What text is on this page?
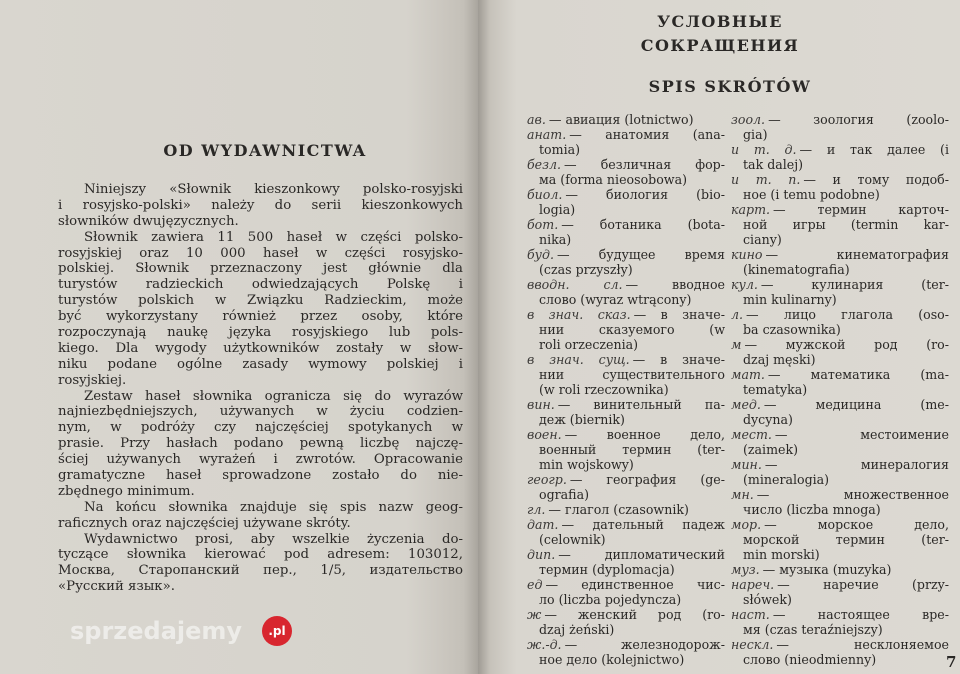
OD WYDAWNICTWA
Niniejszy «Słownik kieszonkowy polsko-rosyjski
i rosyjsko-polski» należy do serii kieszonkowych
słowników dwujęzycznych.
Słownik zawiera 11 500 haseł w części polsko-
rosyjskiej oraz 10 000 haseł w części rosyjsko-
polskiej. Słownik przeznaczony jest głównie dla
turystów radzieckich odwiedzających Polskę i
turystów polskich w Związku Radzieckim, może
być wykorzystany również przez osoby, które
rozpoczynają naukę języka rosyjskiego lub pols-
kiego. Dla wygody użytkowników zostały w słow-
niku podane ogólne zasady wymowy polskiej i
rosyjskiej.
Zestaw haseł słownika ogranicza się do wyrazów
najniezbędniejszych, używanych w życiu codzien-
nym, w podróży czy najczęściej spotykanych w
prasie. Przy hasłach podano pewną liczbę najczę-
ściej używanych wyrażeń i zwrotów. Opracowanie
gramatyczne haseł sprowadzone zostało do nie-
zbędnego minimum.
Na końcu słownika znajduje się spis nazw geog-
raficznych oraz najczęściej używane skróty.
Wydawnictwo prosi, aby wszelkie życzenia do-
tyczące słownika kierować pod adresem: 103012,
Москва, Старопанский пер., 1/5, издательство
«Русский язык».
УСЛОВНЫЕ
СОКРАЩЕНИЯ
SPIS SKRÓTÓW
ав. — авиация (lotnictwo)
анат. — анатомия (ana-
tomia)
безл. — безличная фор-
ма (forma nieosobowa)
биол. — биология (bio-
logia)
бот. — ботаника (bota-
nika)
буд. — будущее время
(czas przyszły)
вводн. сл. — вводное
слово (wyraz wtrącony)
в знач. сказ. — в значе-
нии сказуемого (w
roli orzeczenia)
в знач. сущ. — в значе-
нии существительного
(w roli rzeczownika)
вин. — винительный па-
деж (biernik)
воен. — военное дело,
военный термин (ter-
min wojskowy)
геогр. — география (ge-
ografia)
гл. — глагол (czasownik)
дат. — дательный падеж
(celownik)
дип. — дипломатический
термин (dyplomacja)
ед — единственное чис-
ло (liczba pojedyncza)
ж — женский род (ro-
dzaj żeński)
ж.-д. — железнодорож-
ное дело (kolejnictwo)
зоол. — зоология (zoolo-
gia)
и т. д. — и так далее (i
tak dalej)
и т. п. — и тому подоб-
ное (i temu podobne)
карт. — термин карточ-
ной игры (termin kar-
ciany)
кино — кинематография
(kinematografia)
кул. — кулинария (ter-
min kulinarny)
л. — лицо глагола (oso-
ba czasownika)
м — мужской род (ro-
dzaj męski)
мат. — математика (ma-
tematyka)
мед. — медицина (me-
dycyna)
мест. — местоимение
(zaimek)
мин. — минералогия
(mineralogia)
мн. — множественное
число (liczba mnoga)
мор. — морское дело,
морской термин (ter-
min morski)
муз. — музыка (muzyka)
нареч. — наречие (przy-
słówek)
наст. — настоящее вре-
мя (czas teraźniejszy)
нескл. — несклоняемое
слово (nieodmienny)	7
sprzedajemy	.pl
